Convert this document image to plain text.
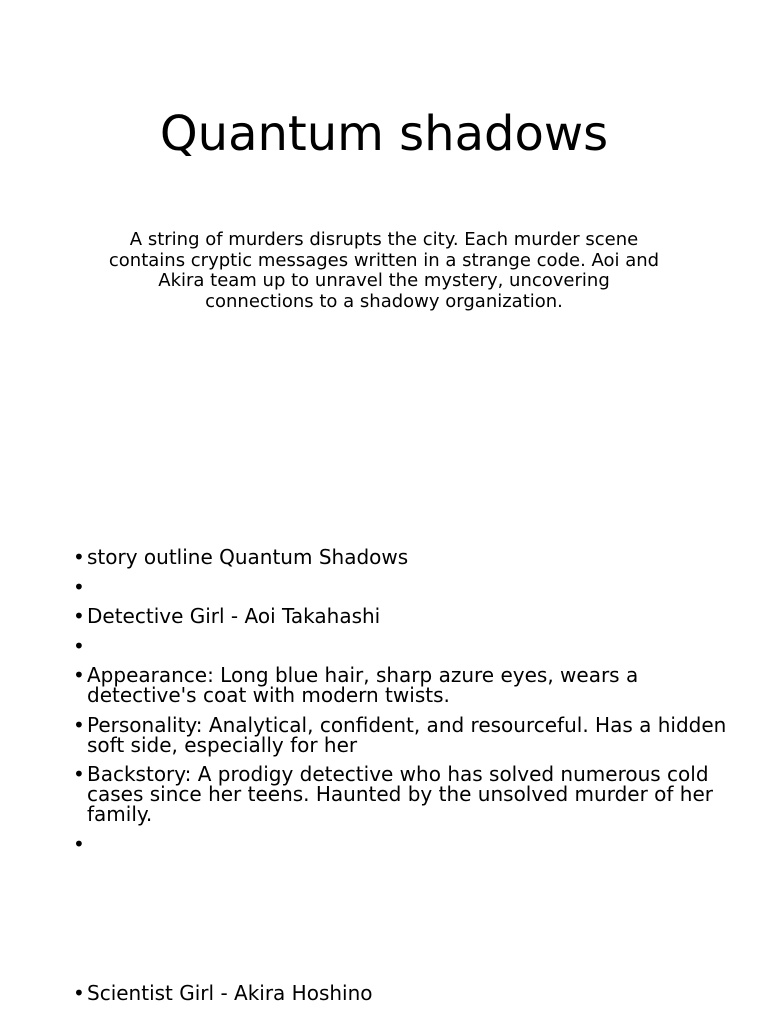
Quantum shadows

A string of murders disrupts the city. Each murder scene contains cryptic messages written in a strange code. Aoi and Akira team up to unravel the mystery, uncovering connections to a shadowy organization.

• story outline Quantum Shadows
•
• Detective Girl - Aoi Takahashi
•
• Appearance: Long blue hair, sharp azure eyes, wears a detective's coat with modern twists.
• Personality: Analytical, confident, and resourceful. Has a hidden soft side, especially for her
• Backstory: A prodigy detective who has solved numerous cold cases since her teens. Haunted by the unsolved murder of her family.
•
• Scientist Girl - Akira Hoshino
